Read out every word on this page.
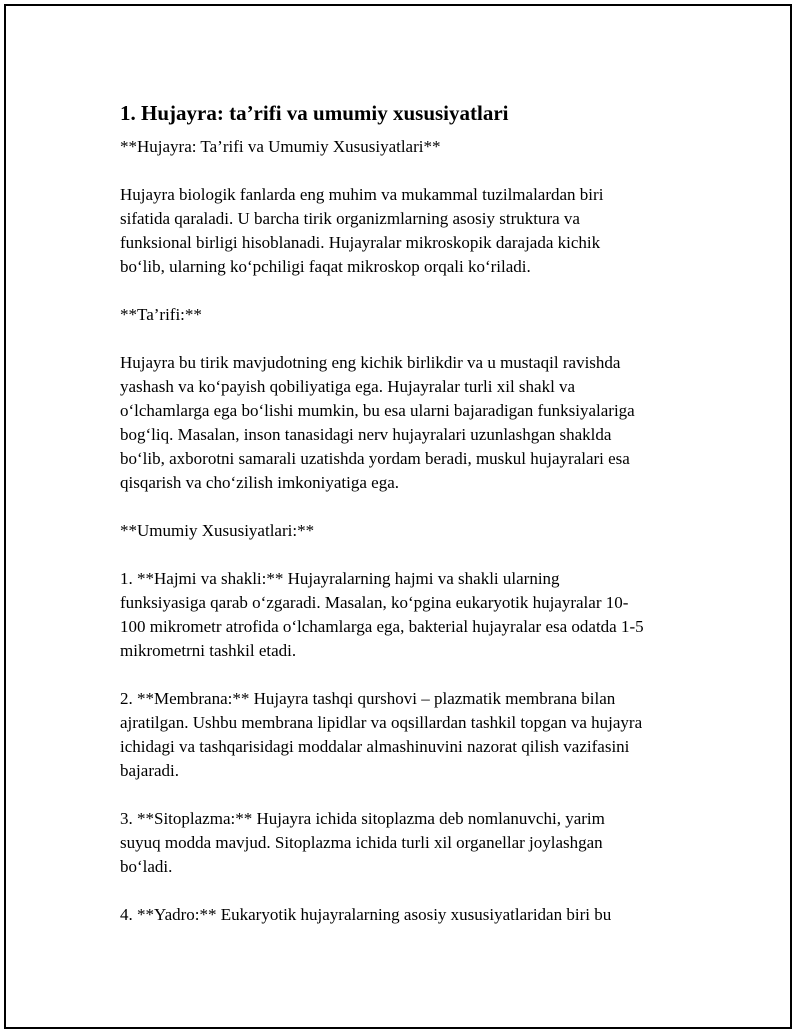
1. Hujayra: ta’rifi va umumiy xususiyatlari

**Hujayra: Ta’rifi va Umumiy Xususiyatlari**

Hujayra biologik fanlarda eng muhim va mukammal tuzilmalardan biri
sifatida qaraladi. U barcha tirik organizmlarning asosiy struktura va
funksional birligi hisoblanadi. Hujayralar mikroskopik darajada kichik
bo‘lib, ularning ko‘pchiligi faqat mikroskop orqali ko‘riladi.

**Ta’rifi:**

Hujayra bu tirik mavjudotning eng kichik birlikdir va u mustaqil ravishda
yashash va ko‘payish qobiliyatiga ega. Hujayralar turli xil shakl va
o‘lchamlarga ega bo‘lishi mumkin, bu esa ularni bajaradigan funksiyalariga
bog‘liq. Masalan, inson tanasidagi nerv hujayralari uzunlashgan shaklda
bo‘lib, axborotni samarali uzatishda yordam beradi, muskul hujayralari esa
qisqarish va cho‘zilish imkoniyatiga ega.

**Umumiy Xususiyatlari:**

1. **Hajmi va shakli:** Hujayralarning hajmi va shakli ularning
funksiyasiga qarab o‘zgaradi. Masalan, ko‘pgina eukaryotik hujayralar 10-
100 mikrometr atrofida o‘lchamlarga ega, bakterial hujayralar esa odatda 1-5
mikrometrni tashkil etadi.

2. **Membrana:** Hujayra tashqi qurshovi – plazmatik membrana bilan
ajratilgan. Ushbu membrana lipidlar va oqsillardan tashkil topgan va hujayra
ichidagi va tashqarisidagi moddalar almashinuvini nazorat qilish vazifasini
bajaradi.

3. **Sitoplazma:** Hujayra ichida sitoplazma deb nomlanuvchi, yarim
suyuq modda mavjud. Sitoplazma ichida turli xil organellar joylashgan
bo‘ladi.

4. **Yadro:** Eukaryotik hujayralarning asosiy xususiyatlaridan biri bu
